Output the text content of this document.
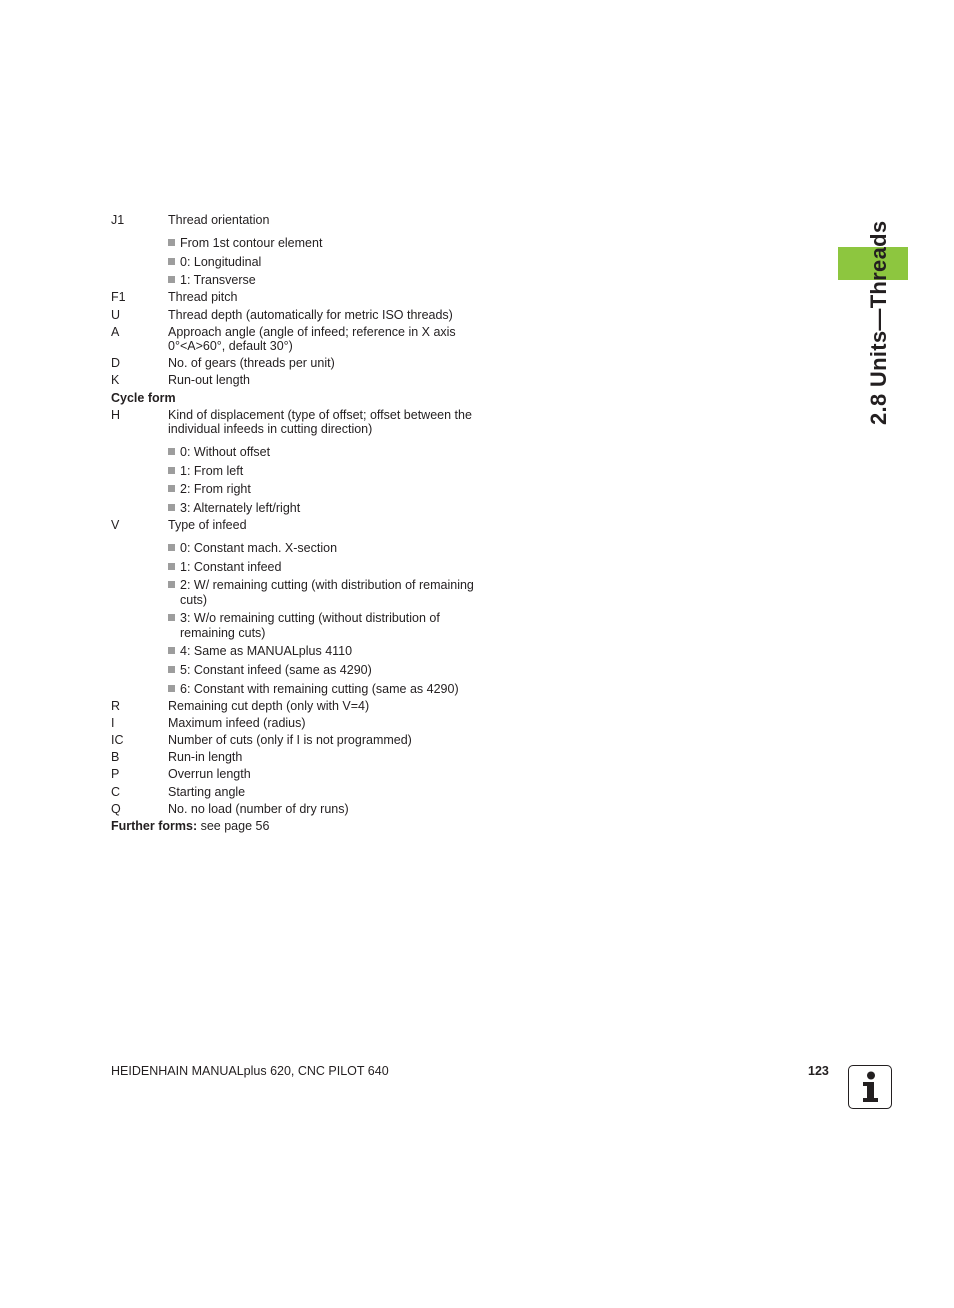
2.8 Units—Threads
J1	Thread orientation
From 1st contour element
0: Longitudinal
1: Transverse
F1	Thread pitch
U	Thread depth (automatically for metric ISO threads)
A	Approach angle (angle of infeed; reference in X axis
0°<A>60°, default 30°)
D	No. of gears (threads per unit)
K	Run-out length
Cycle form
H	Kind of displacement (type of offset; offset between the
individual infeeds in cutting direction)
0: Without offset
1: From left
2: From right
3: Alternately left/right
V	Type of infeed
0: Constant mach. X-section
1: Constant infeed
2: W/ remaining cutting (with distribution of remaining
cuts)
3: W/o remaining cutting (without distribution of
remaining cuts)
4: Same as MANUALplus 4110
5: Constant infeed (same as 4290)
6: Constant with remaining cutting (same as 4290)
R	Remaining cut depth (only with V=4)
I	Maximum infeed (radius)
IC	Number of cuts (only if I is not programmed)
B	Run-in length
P	Overrun length
C	Starting angle
Q	No. no load (number of dry runs)
Further forms: see page 56
HEIDENHAIN MANUALplus 620, CNC PILOT 640	123
